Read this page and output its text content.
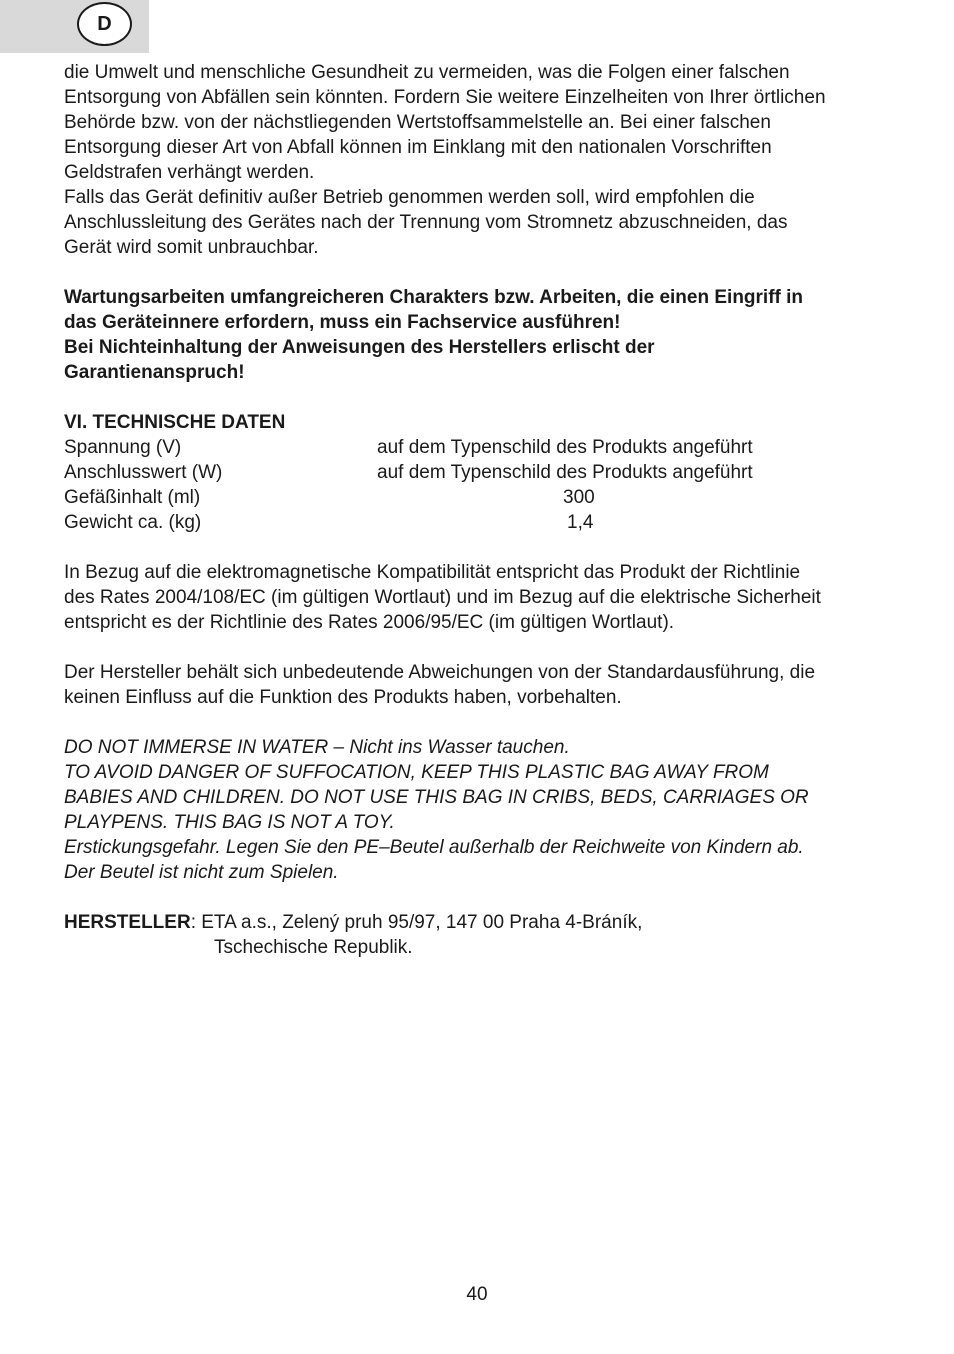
D

die Umwelt und menschliche Gesundheit zu vermeiden, was die Folgen einer falschen

Entsorgung von Abfällen sein könnten. Fordern Sie weitere Einzelheiten von Ihrer örtlichen

Behörde bzw. von der nächstliegenden Wertstoffsammelstelle an. Bei einer falschen

Entsorgung dieser Art von Abfall können im Einklang mit den nationalen Vorschriften

Geldstrafen verhängt werden.

Falls das Gerät definitiv außer Betrieb genommen werden soll, wird empfohlen die

Anschlussleitung des Gerätes nach der Trennung vom Stromnetz abzuschneiden, das

Gerät wird somit unbrauchbar.

Wartungsarbeiten umfangreicheren Charakters bzw. Arbeiten, die einen Eingriff in

das Geräteinnere erfordern, muss ein Fachservice ausführen!

Bei Nichteinhaltung der Anweisungen des Herstellers erlischt der

Garantienanspruch!

VI. TECHNISCHE DATEN

Spannung (V)	auf dem Typenschild des Produkts angeführt
Anschlusswert (W)	auf dem Typenschild des Produkts angeführt
Gefäßinhalt (ml)	300
Gewicht ca. (kg)	1,4

In Bezug auf die elektromagnetische Kompatibilität entspricht das Produkt der Richtlinie

des Rates 2004/108/EC (im gültigen Wortlaut) und im Bezug auf die elektrische Sicherheit

entspricht es der Richtlinie des Rates 2006/95/EC (im gültigen Wortlaut).

Der Hersteller behält sich unbedeutende Abweichungen von der Standardausführung, die

keinen Einfluss auf die Funktion des Produkts haben, vorbehalten.

DO NOT IMMERSE IN WATER – Nicht ins Wasser tauchen.

TO AVOID DANGER OF SUFFOCATION, KEEP THIS PLASTIC BAG AWAY FROM

BABIES AND CHILDREN. DO NOT USE THIS BAG IN CRIBS, BEDS, CARRIAGES OR

PLAYPENS. THIS BAG IS NOT A TOY.

Erstickungsgefahr. Legen Sie den PE–Beutel außerhalb der Reichweite von Kindern ab.

Der Beutel ist nicht zum Spielen.

HERSTELLER: ETA a.s., Zelený pruh 95/97, 147 00 Praha 4-Bráník,

Tschechische Republik.

40
